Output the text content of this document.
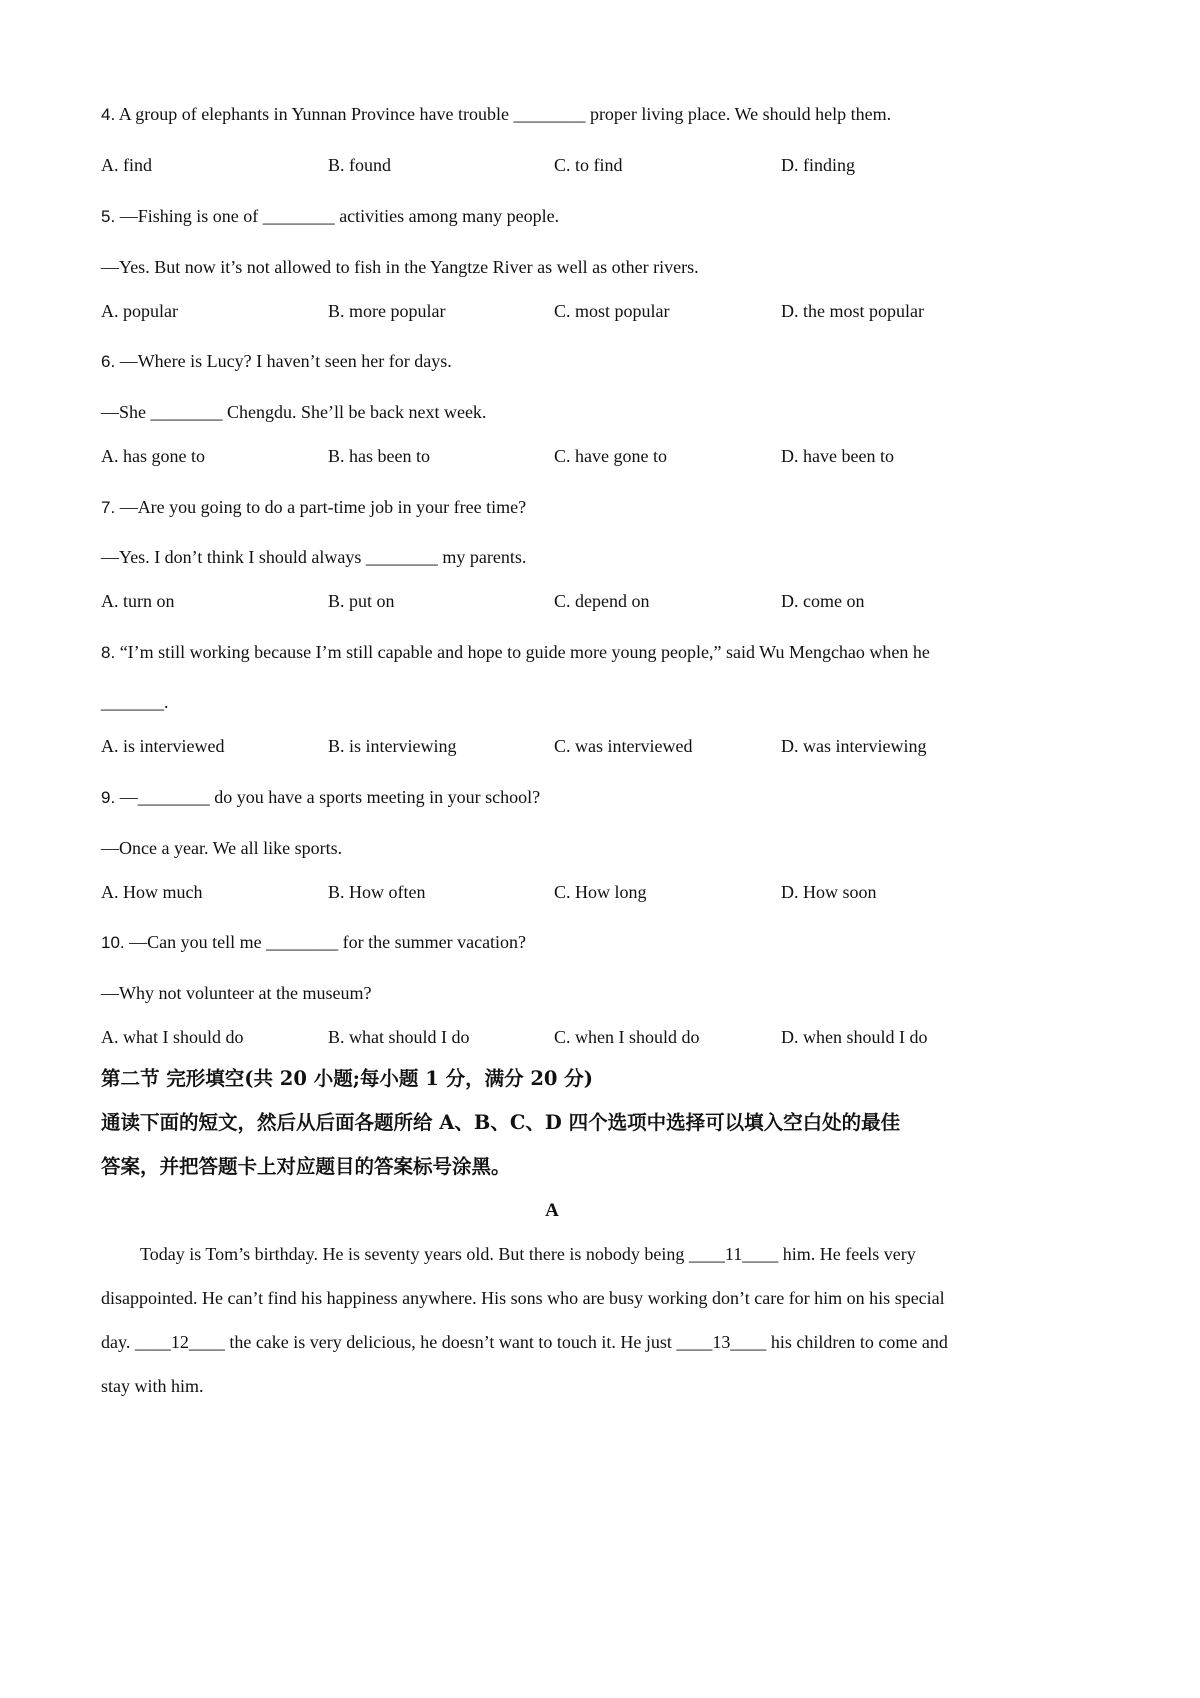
4. A group of elephants in Yunnan Province have trouble ________ proper living place. We should help them.
A. find	B. found	C. to find	D. finding
5. —Fishing is one of ________ activities among many people.
—Yes. But now it’s not allowed to fish in the Yangtze River as well as other rivers.
A. popular	B. more popular	C. most popular	D. the most popular
6. —Where is Lucy? I haven’t seen her for days.
—She ________ Chengdu. She’ll be back next week.
A. has gone to	B. has been to	C. have gone to	D. have been to
7. —Are you going to do a part-time job in your free time?
—Yes. I don’t think I should always ________ my parents.
A. turn on	B. put on	C. depend on	D. come on
8. “I’m still working because I’m still capable and hope to guide more young people,” said Wu Mengchao when he
_______.
A. is interviewed	B. is interviewing	C. was interviewed	D. was interviewing
9. —________ do you have a sports meeting in your school?
—Once a year. We all like sports.
A. How much	B. How often	C. How long	D. How soon
10. —Can you tell me ________ for the summer vacation?
—Why not volunteer at the museum?
A. what I should do	B. what should I do	C. when I should do	D. when should I do
第二节 完形填空(共 20 小题;每小题 1 分，满分 20 分)
通读下面的短文，然后从后面各题所给 A、B、C、D 四个选项中选择可以填入空白处的最佳
答案，并把答题卡上对应题目的答案标号涂黑。
A
Today is Tom’s birthday. He is seventy years old. But there is nobody being ____11____ him. He feels very
disappointed. He can’t find his happiness anywhere. His sons who are busy working don’t care for him on his special
day. ____12____ the cake is very delicious, he doesn’t want to touch it. He just ____13____ his children to come and
stay with him.
